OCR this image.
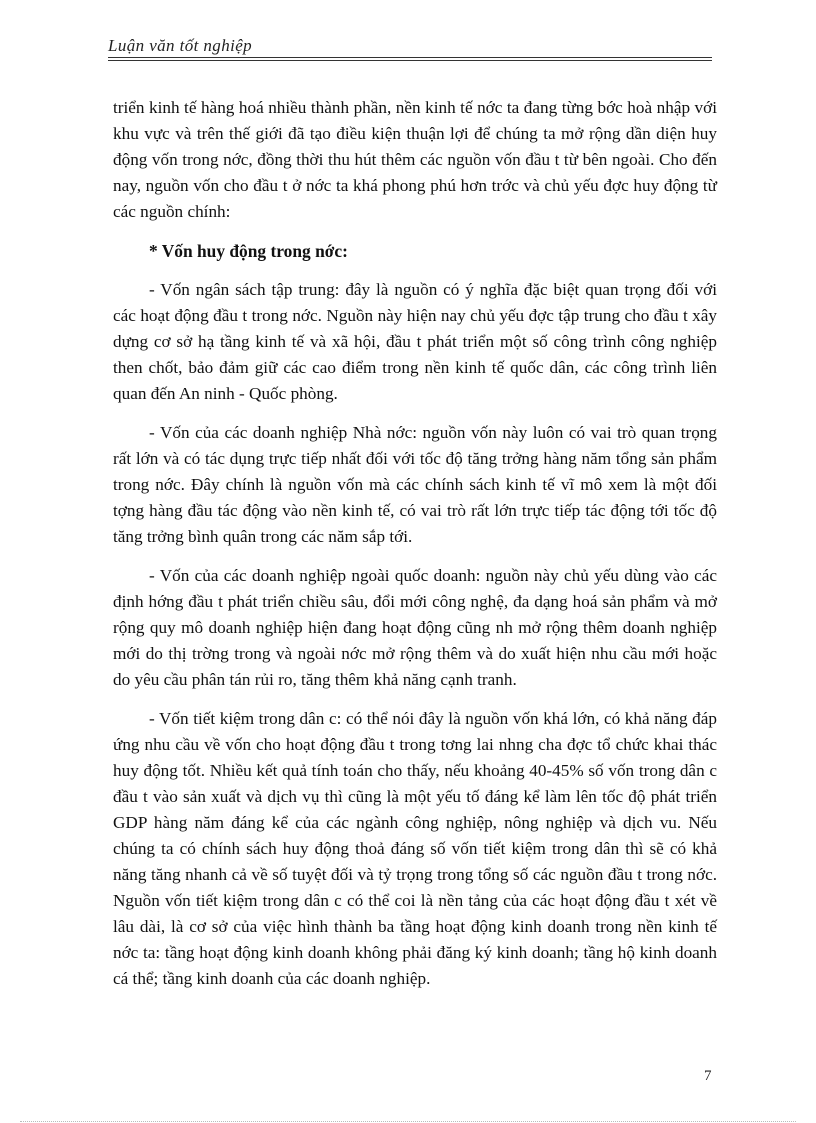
Luận văn tốt nghiệp

triển kinh tế hàng hoá nhiều thành phần, nền kinh tế nớc ta đang từng bớc hoà nhập với khu vực và trên thế giới đã tạo điều kiện thuận lợi để chúng ta mở rộng dần diện huy động vốn trong nớc, đồng thời thu hút thêm các nguồn vốn đầu t từ bên ngoài. Cho đến nay, nguồn vốn cho đầu t ở nớc ta khá phong phú hơn trớc và chủ yếu đợc huy động từ các nguồn chính:

* Vốn huy động trong nớc:

- Vốn ngân sách tập trung: đây là nguồn có ý nghĩa đặc biệt quan trọng đối với các hoạt động đầu t trong nớc. Nguồn này hiện nay chủ yếu đợc tập trung cho đầu t xây dựng cơ sở hạ tầng kinh tế và xã hội, đầu t phát triển một số công trình công nghiệp then chốt, bảo đảm giữ các cao điểm trong nền kinh tế quốc dân, các công trình liên quan đến An ninh - Quốc phòng.

- Vốn của các doanh nghiệp Nhà nớc: nguồn vốn này luôn có vai trò quan trọng rất lớn và có tác dụng trực tiếp nhất đối với tốc độ tăng trởng hàng năm tổng sản phẩm trong nớc. Đây chính là nguồn vốn mà các chính sách kinh tế vĩ mô xem là một đối tợng hàng đầu tác động vào nền kinh tế, có vai trò rất lớn trực tiếp tác động tới tốc độ tăng trởng bình quân trong các năm sắp tới.

- Vốn của các doanh nghiệp ngoài quốc doanh: nguồn này chủ yếu dùng vào các định hớng đầu t phát triển chiều sâu, đổi mới công nghệ, đa dạng hoá sản phẩm và mở rộng quy mô doanh nghiệp hiện đang hoạt động cũng nh mở rộng thêm doanh nghiệp mới do thị trờng trong và ngoài nớc mở rộng thêm và do xuất hiện nhu cầu mới hoặc do yêu cầu phân tán rủi ro, tăng thêm khả năng cạnh tranh.

- Vốn tiết kiệm trong dân c: có thể nói đây là nguồn vốn khá lớn, có khả năng đáp ứng nhu cầu về vốn cho hoạt động đầu t trong tơng lai nhng cha đợc tổ chức khai thác huy động tốt. Nhiều kết quả tính toán cho thấy, nếu khoảng 40-45% số vốn trong dân c đầu t vào sản xuất và dịch vụ thì cũng là một yếu tố đáng kể làm lên tốc độ phát triển GDP hàng năm đáng kể của các ngành công nghiệp, nông nghiệp và dịch vu. Nếu chúng ta có chính sách huy động thoả đáng số vốn tiết kiệm trong dân thì sẽ có khả năng tăng nhanh cả về số tuyệt đối và tỷ trọng trong tổng số các nguồn đầu t trong nớc. Nguồn vốn tiết kiệm trong dân c có thể coi là nền tảng của các hoạt động đầu t xét về lâu dài, là cơ sở của việc hình thành ba tầng hoạt động kinh doanh trong nền kinh tế nớc ta: tầng hoạt động kinh doanh không phải đăng ký kinh doanh; tầng hộ kinh doanh cá thể; tầng kinh doanh của các doanh nghiệp.

7
